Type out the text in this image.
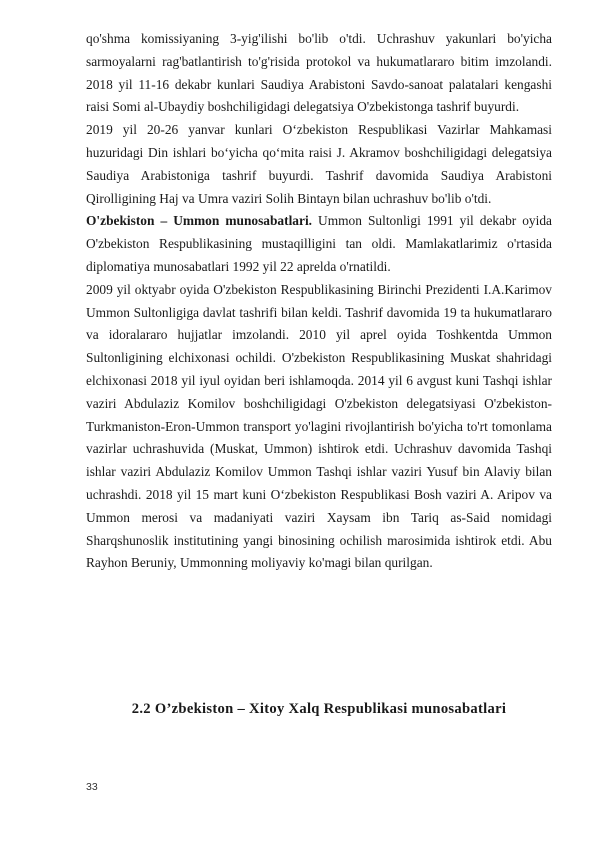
qo'shma komissiyaning 3-yig'ilishi bo'lib o'tdi. Uchrashuv yakunlari bo'yicha sarmoyalarni rag'batlantirish to'g'risida protokol va hukumatlararo bitim imzolandi. 2018 yil 11-16 dekabr kunlari Saudiya Arabistoni Savdo-sanoat palatalari kengashi raisi Somi al-Ubaydiy boshchiligidagi delegatsiya O'zbekistonga tashrif buyurdi.

2019 yil 20-26 yanvar kunlari O‘zbekiston Respublikasi Vazirlar Mahkamasi huzuridagi Din ishlari bo‘yicha qo‘mita raisi J. Akramov boshchiligidagi delegatsiya Saudiya Arabistoniga tashrif buyurdi. Tashrif davomida Saudiya Arabistoni Qirolligining Haj va Umra vaziri Solih Bintayn bilan uchrashuv bo'lib o'tdi.

O'zbekiston – Ummon munosabatlari. Ummon Sultonligi 1991 yil dekabr oyida O'zbekiston Respublikasining mustaqilligini tan oldi. Mamlakatlarimiz o'rtasida diplomatiya munosabatlari 1992 yil 22 aprelda o'rnatildi.

2009 yil oktyabr oyida O'zbekiston Respublikasining Birinchi Prezidenti I.A.Karimov Ummon Sultonligiga davlat tashrifi bilan keldi. Tashrif davomida 19 ta hukumatlararo va idoralararo hujjatlar imzolandi. 2010 yil aprel oyida Toshkentda Ummon Sultonligining elchixonasi ochildi. O'zbekiston Respublikasining Muskat shahridagi elchixonasi 2018 yil iyul oyidan beri ishlamoqda. 2014 yil 6 avgust kuni Tashqi ishlar vaziri Abdulaziz Komilov boshchiligidagi O'zbekiston delegatsiyasi O'zbekiston-Turkmaniston-Eron-Ummon transport yo'lagini rivojlantirish bo'yicha to'rt tomonlama vazirlar uchrashuvida (Muskat, Ummon) ishtirok etdi. Uchrashuv davomida Tashqi ishlar vaziri Abdulaziz Komilov Ummon Tashqi ishlar vaziri Yusuf bin Alaviy bilan uchrashdi. 2018 yil 15 mart kuni O‘zbekiston Respublikasi Bosh vaziri A. Aripov va Ummon merosi va madaniyati vaziri Xaysam ibn Tariq as-Said nomidagi Sharqshunoslik institutining yangi binosining ochilish marosimida ishtirok etdi. Abu Rayhon Beruniy, Ummonning moliyaviy ko'magi bilan qurilgan.

2.2 O’zbekiston – Xitoy Xalq Respublikasi munosabatlari
33
